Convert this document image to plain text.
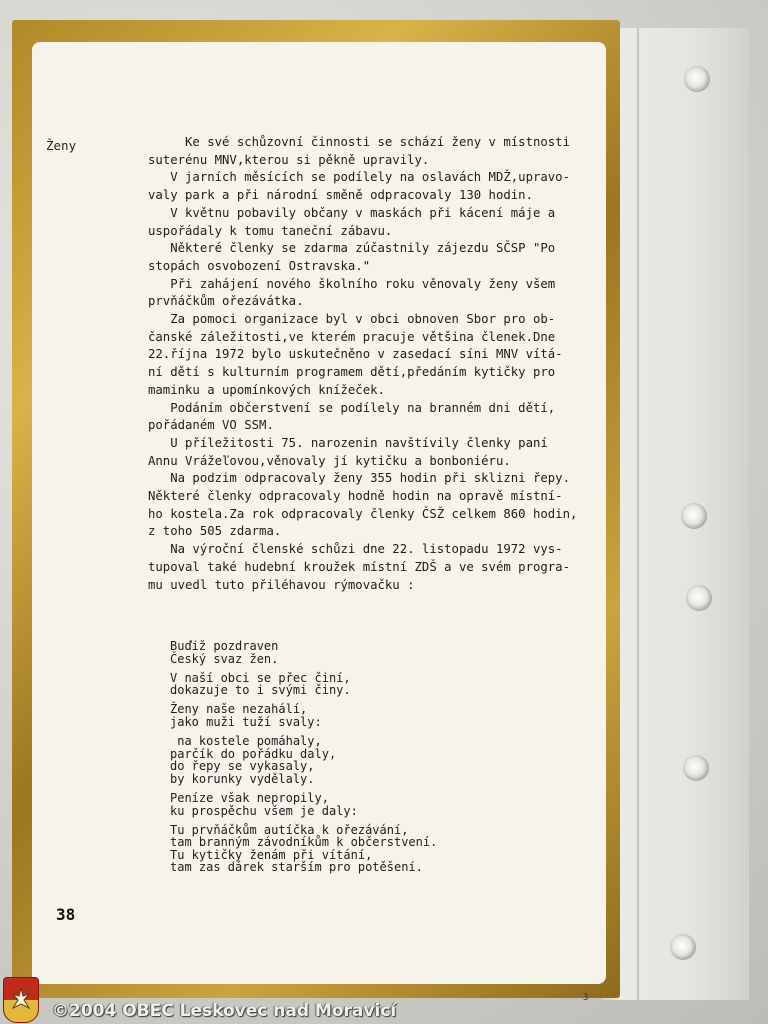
Ženy	Ke své schůzovní činnosti se schází ženy v místnosti
suterénu MNV,kterou si pěkně upravily.

V jarních měsících se podílely na oslavách MDŽ,upravo-
valy park a při národní směně odpracovaly 130 hodin.

V květnu pobavily občany v maskách při kácení máje a
uspořádaly k tomu taneční zábavu.

Některé členky se zdarma zúčastnily zájezdu SČSP "Po
stopách osvobození Ostravska."

Při zahájení nového školního roku věnovaly ženy všem
prvňáčkům ořezávátka.

Za pomoci organizace byl v obci obnoven Sbor pro ob-
čanské záležitosti,ve kterém pracuje většina členek.Dne
22.října 1972 bylo uskutečněno v zasedací síni MNV vítá-
ní dětí s kulturním programem dětí,předáním kytičky pro
maminku a upomínkových knížeček.

Podáním občerstvení se podílely na branném dni dětí,
pořádaném VO SSM.

U příležitosti 75. narozenin navštívily členky paní
Annu Vrážeľovou,věnovaly jí kytičku a bonboniéru.

Na podzim odpracovaly ženy 355 hodin při sklizni řepy.
Některé členky odpracovaly hodně hodin na opravě místní-
ho kostela.Za rok odpracovaly členky ČSŽ celkem 860 hodin,
z toho 505 zdarma.

Na výroční členské schůzi dne 22. listopadu 1972 vys-
tupoval také hudební kroužek místní ZDŠ a ve svém progra-
mu uvedl tuto přiléhavou rýmovačku :

Buďiž pozdraven
Český svaz žen.

V naší obci se přec činí,
dokazuje to i svými činy.

Ženy naše nezahálí,
jako muži tuží svaly:

na kostele pomáhaly,
parčík do pořádku daly,
do řepy se vykasaly,
by korunky vydělaly.

Peníze však nepropily,
ku prospěchu všem je daly:

Tu prvňáčkům autíčka k ořezávání,
tam branným závodníkům k občerstvení.
Tu kytičky ženám při vítání,
tam zas dárek starším pro potěšení.

38
3
©2004 OBEC Leskovec nad Moravicí
